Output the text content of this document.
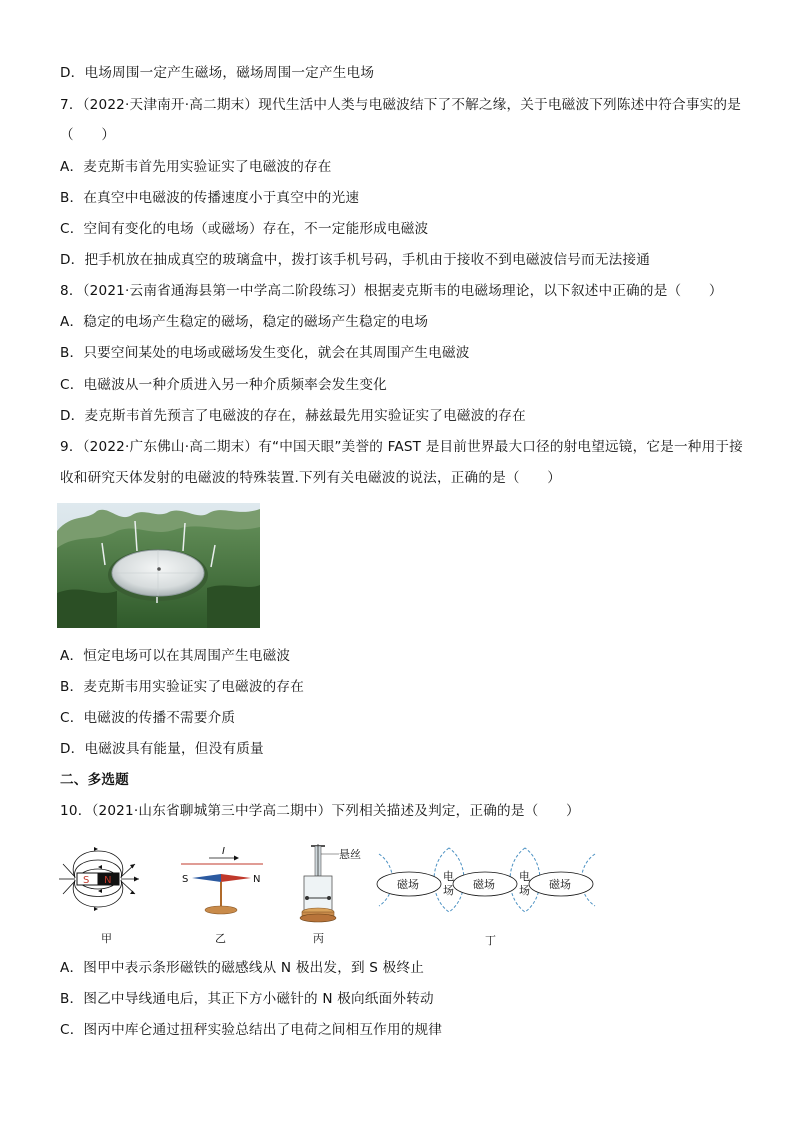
D．电场周围一定产生磁场，磁场周围一定产生电场
7．（2022·天津南开·高二期末）现代生活中人类与电磁波结下了不解之缘，关于电磁波下列陈述中符合事实的是
（　　）
A．麦克斯韦首先用实验证实了电磁波的存在
B．在真空中电磁波的传播速度小于真空中的光速
C．空间有变化的电场（或磁场）存在，不一定能形成电磁波
D．把手机放在抽成真空的玻璃盒中，拨打该手机号码，手机由于接收不到电磁波信号而无法接通
8．（2021·云南省通海县第一中学高二阶段练习）根据麦克斯韦的电磁场理论，以下叙述中正确的是（　　）
A．稳定的电场产生稳定的磁场，稳定的磁场产生稳定的电场
B．只要空间某处的电场或磁场发生变化，就会在其周围产生电磁波
C．电磁波从一种介质进入另一种介质频率会发生变化
D．麦克斯韦首先预言了电磁波的存在，赫兹最先用实验证实了电磁波的存在
9．（2022·广东佛山·高二期末）有“中国天眼”美誉的 FAST 是目前世界最大口径的射电望远镜，它是一种用于接
收和研究天体发射的电磁波的特殊装置.下列有关电磁波的说法，正确的是（　　）
A．恒定电场可以在其周围产生电磁波
B．麦克斯韦用实验证实了电磁波的存在
C．电磁波的传播不需要介质
D．电磁波具有能量，但没有质量
二、多选题
10．（2021·山东省聊城第三中学高二期中）下列相关描述及判定，正确的是（　　）
S N
甲
I
S	N
乙
悬丝
丙
磁场	磁场	磁场
电
场
电
场
丁
A．图甲中表示条形磁铁的磁感线从 N 极出发，到 S 极终止
B．图乙中导线通电后，其正下方小磁针的 N 极向纸面外转动
C．图丙中库仑通过扭秤实验总结出了电荷之间相互作用的规律
